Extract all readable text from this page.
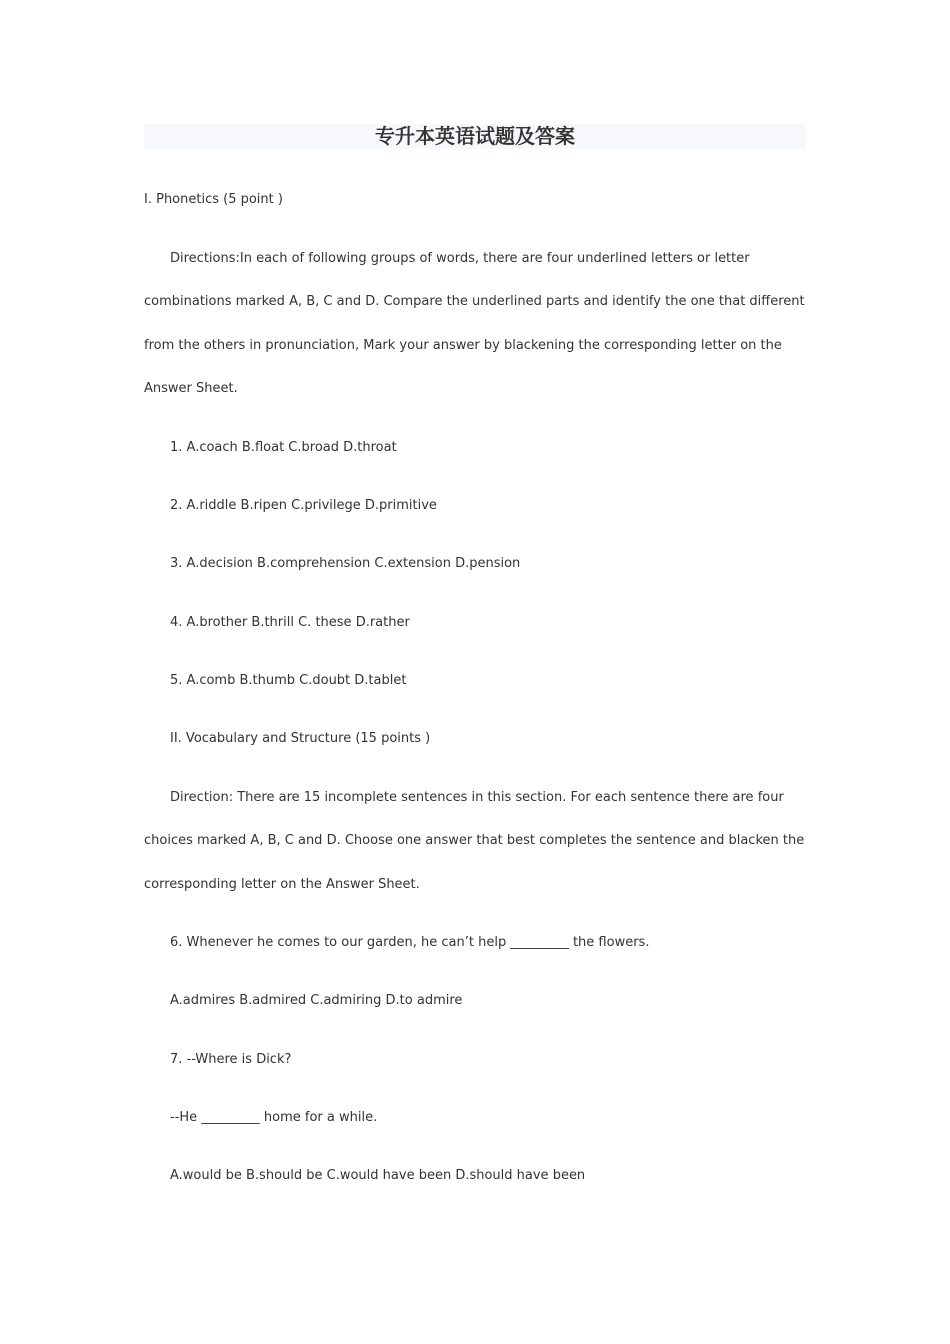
专升本英语试题及答案
I. Phonetics (5 point )
Directions:In each of following groups of words, there are four underlined letters or letter
combinations marked A, B, C and D. Compare the underlined parts and identify the one that different
from the others in pronunciation, Mark your answer by blackening the corresponding letter on the
Answer Sheet.
1. A.coach B.float C.broad D.throat
2. A.riddle B.ripen C.privilege D.primitive
3. A.decision B.comprehension C.extension D.pension
4. A.brother B.thrill C. these D.rather
5. A.comb B.thumb C.doubt D.tablet
II. Vocabulary and Structure (15 points )
Direction: There are 15 incomplete sentences in this section. For each sentence there are four
choices marked A, B, C and D. Choose one answer that best completes the sentence and blacken the
corresponding letter on the Answer Sheet.
6. Whenever he comes to our garden, he can’t help _________ the flowers.
A.admires B.admired C.admiring D.to admire
7. --Where is Dick?
--He _________ home for a while.
A.would be B.should be C.would have been D.should have been
